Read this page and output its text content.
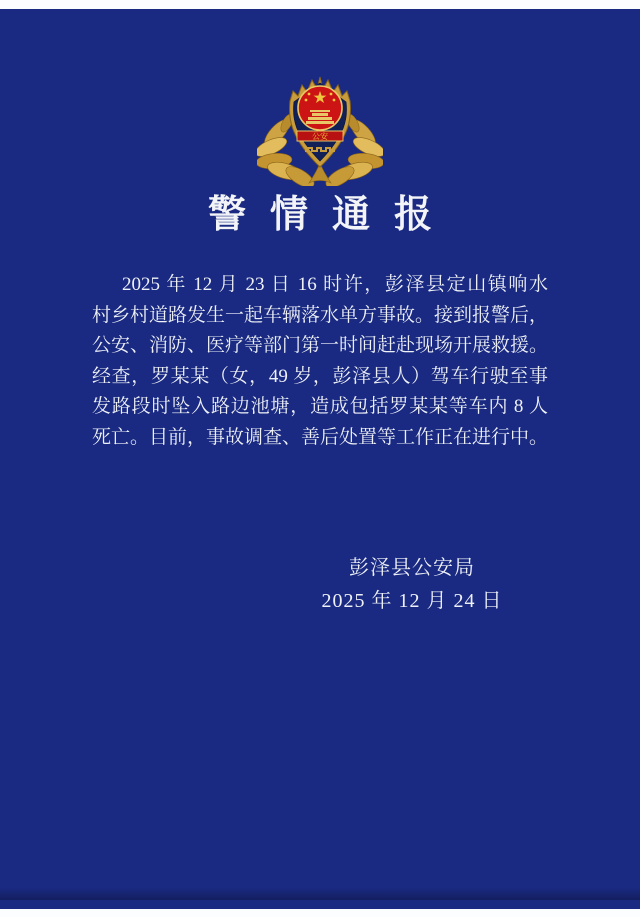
公安
警情通报
2025 年 12 月 23 日 16 时许，彭泽县定山镇响水
村乡村道路发生一起车辆落水单方事故。接到报警后，
公安、消防、医疗等部门第一时间赶赴现场开展救援。
经查，罗某某（女，49 岁，彭泽县人）驾车行驶至事
发路段时坠入路边池塘，造成包括罗某某等车内 8 人
死亡。目前，事故调查、善后处置等工作正在进行中。
彭泽县公安局
2025 年 12 月 24 日
